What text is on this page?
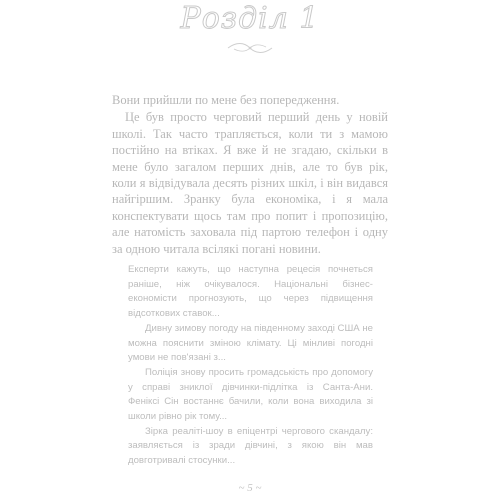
Розділ 1

Вони прийшли по мене без попередження.

Це був просто черговий перший день у новій школі. Так часто трапляється, коли ти з мамою постійно на втіках. Я вже й не згадаю, скільки в мене було загалом перших днів, але то був рік, коли я відвідувала десять різних шкіл, і він видався найгіршим. Зранку була економіка, і я мала конспектувати щось там про попит і пропозицію, але натомість заховала під партою телефон і одну за одною читала всілякі погані новини.

Експерти кажуть, що наступна рецесія почнеться раніше, ніж очікувалося. Національні бізнес-економісти прогнозують, що через підвищення відсоткових ставок...

Дивну зимову погоду на південному заході США не можна пояснити зміною клімату. Ці мінливі погодні умови не пов'язані з...

Поліція знову просить громадськість про допомогу у справі зниклої дівчинки-підлітка із Санта-Ани. Феніксі Сін востаннє бачили, коли вона виходила зі школи рівно рік тому...

Зірка реаліті-шоу в епіцентрі чергового скандалу: заявляється із зради дівчині, з якою він мав довготривалі стосунки...

~ 5 ~
